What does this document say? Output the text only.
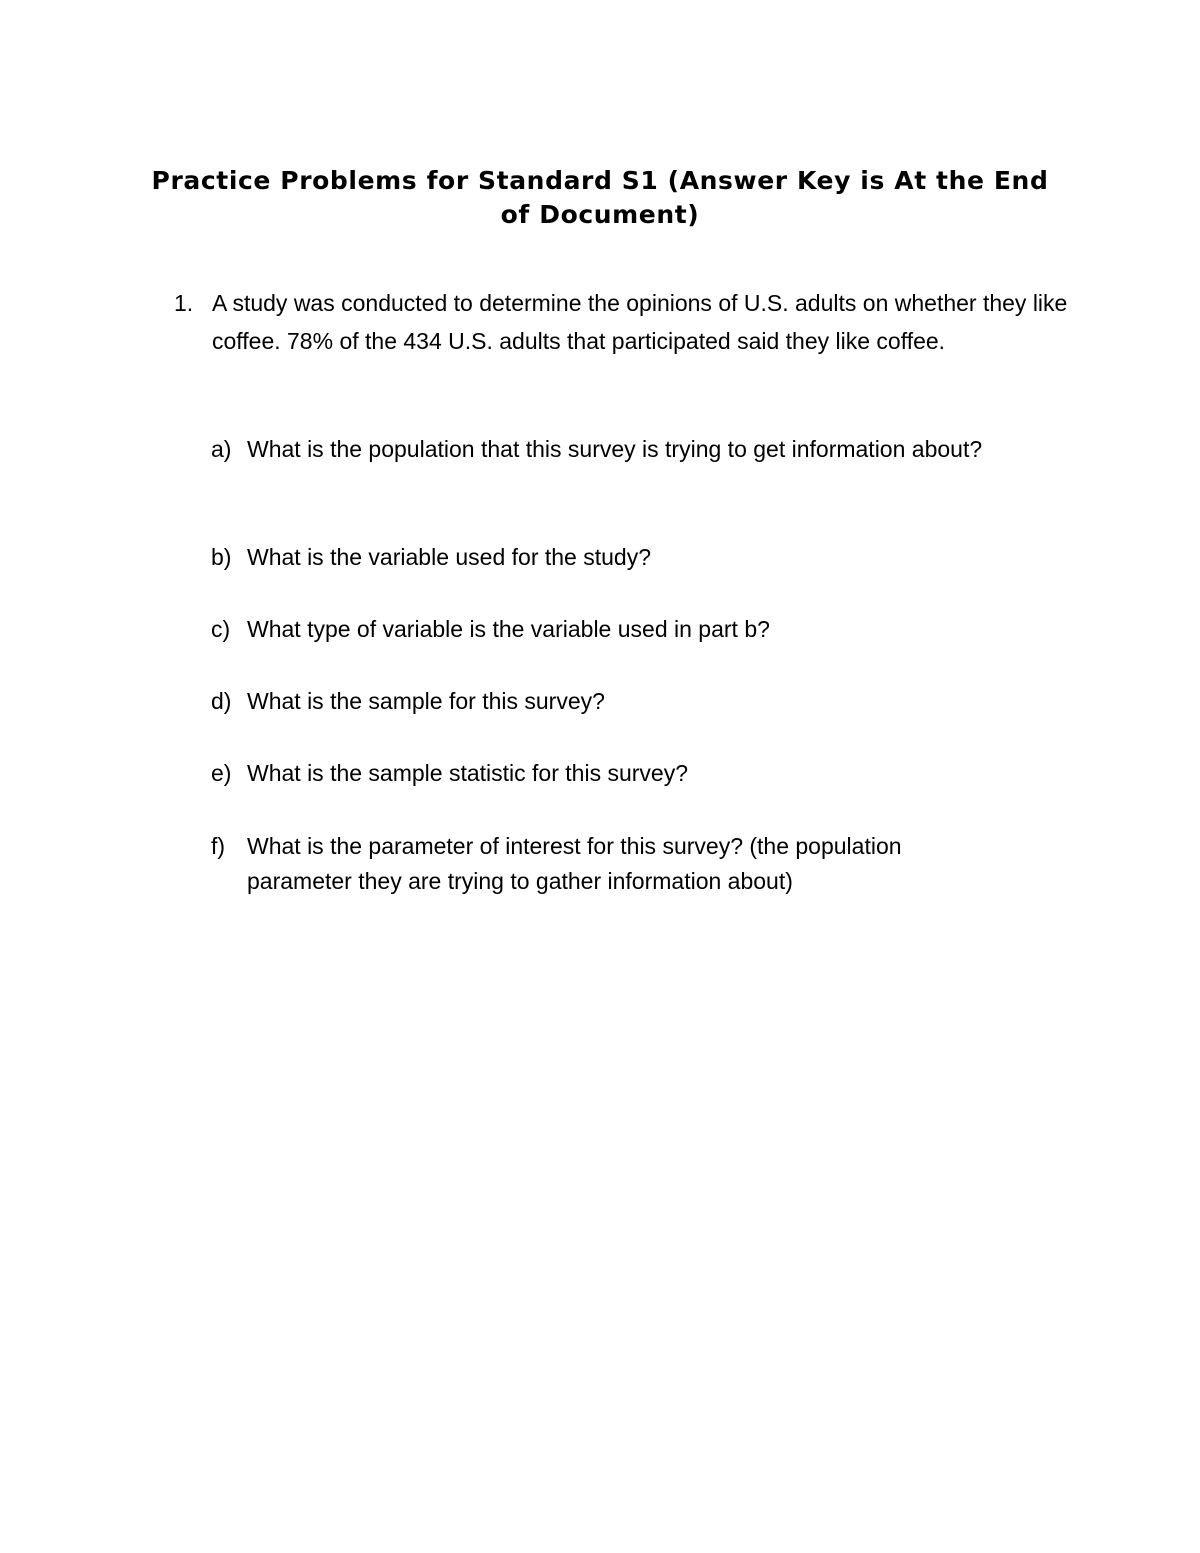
Practice Problems for Standard S1 (Answer Key is At the End of Document)
1. A study was conducted to determine the opinions of U.S. adults on whether they like coffee. 78% of the 434 U.S. adults that participated said they like coffee.
a) What is the population that this survey is trying to get information about?
b) What is the variable used for the study?
c) What type of variable is the variable used in part b?
d) What is the sample for this survey?
e) What is the sample statistic for this survey?
f) What is the parameter of interest for this survey? (the population parameter they are trying to gather information about)
